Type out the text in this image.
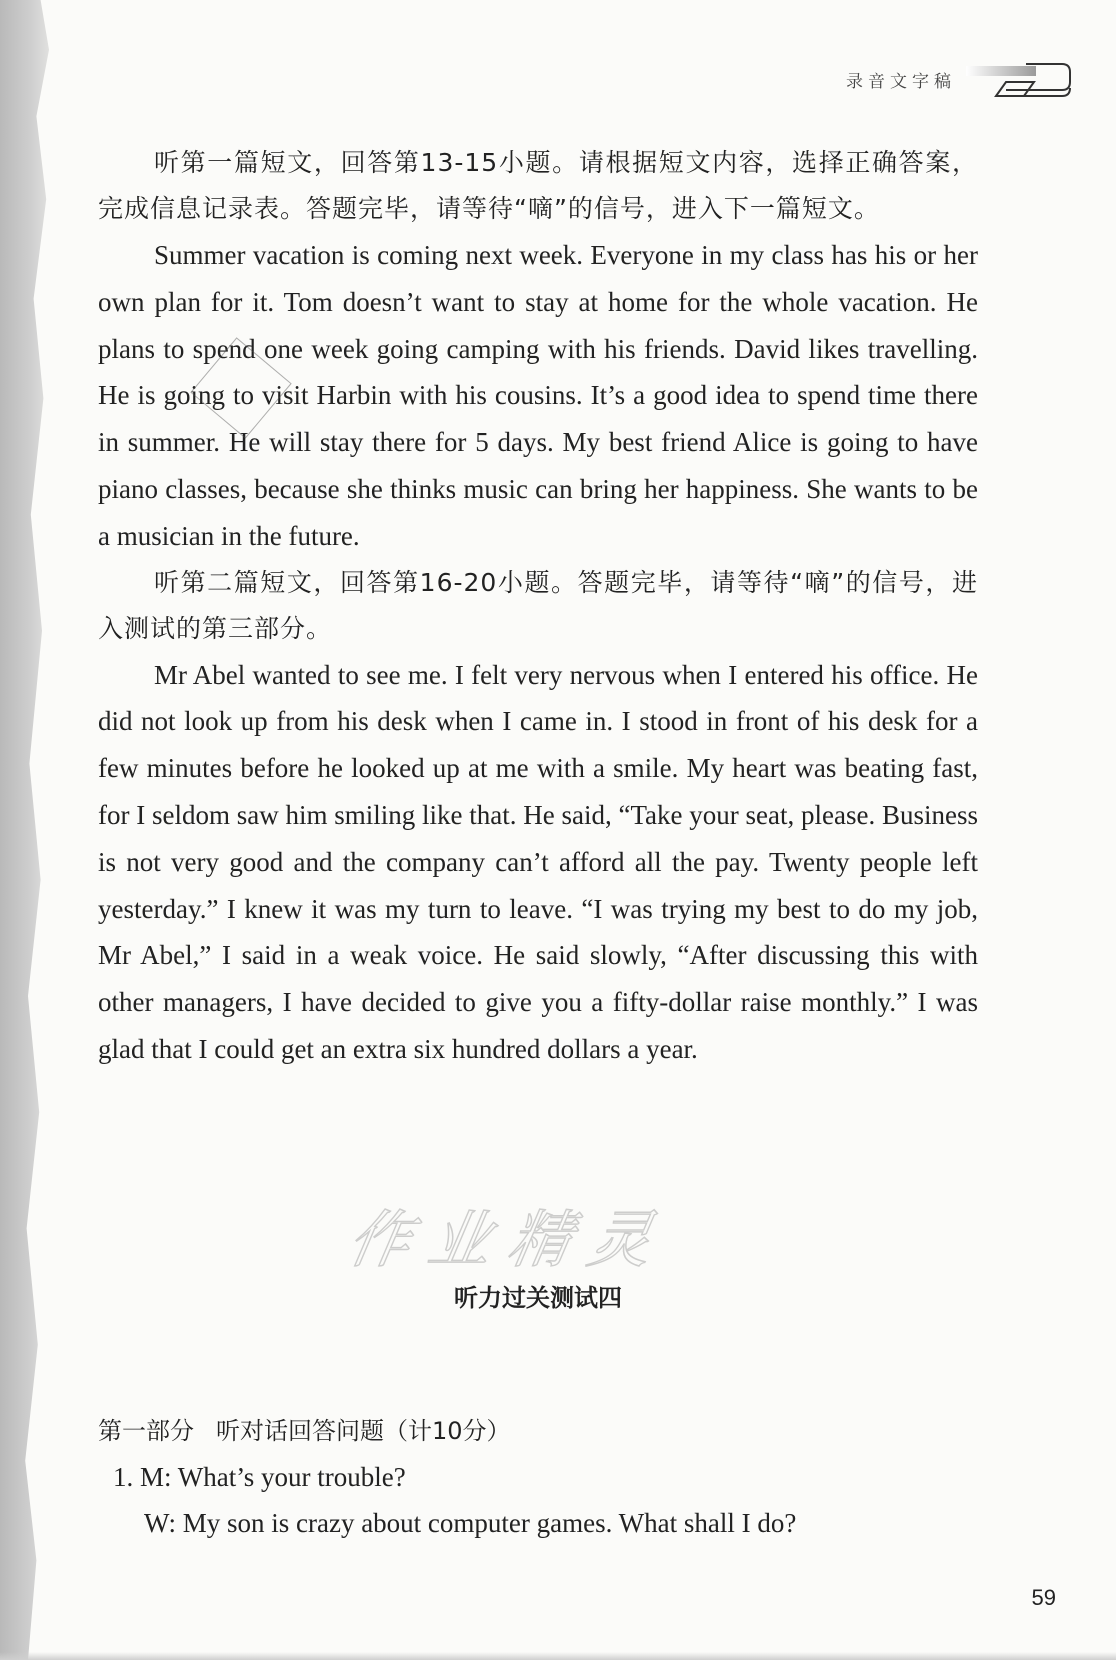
录音文字稿

听第一篇短文，回答第13-15小题。请根据短文内容，选择正确答案，完成信息记录表。答题完毕，请等待“嘀”的信号，进入下一篇短文。

Summer vacation is coming next week. Everyone in my class has his or her own plan for it. Tom doesn’t want to stay at home for the whole vacation. He plans to spend one week going camping with his friends. David likes travelling. He is going to visit Harbin with his cousins. It’s a good idea to spend time there in summer. He will stay there for 5 days. My best friend Alice is going to have piano classes, because she thinks music can bring her happiness. She wants to be a musician in the future.

听第二篇短文，回答第16-20小题。答题完毕，请等待“嘀”的信号，进入测试的第三部分。

Mr Abel wanted to see me. I felt very nervous when I entered his office. He did not look up from his desk when I came in. I stood in front of his desk for a few minutes before he looked up at me with a smile. My heart was beating fast, for I seldom saw him smiling like that. He said, “Take your seat, please. Business is not very good and the company can’t afford all the pay. Twenty people left yesterday.” I knew it was my turn to leave. “I was trying my best to do my job, Mr Abel,” I said in a weak voice. He said slowly, “After discussing this with other managers, I have decided to give you a fifty-dollar raise monthly.” I was glad that I could get an extra six hundred dollars a year.

作业精灵

听力过关测试四

第一部分 听对话回答问题（计10分）

1. M: What’s your trouble?

W: My son is crazy about computer games. What shall I do?

59
